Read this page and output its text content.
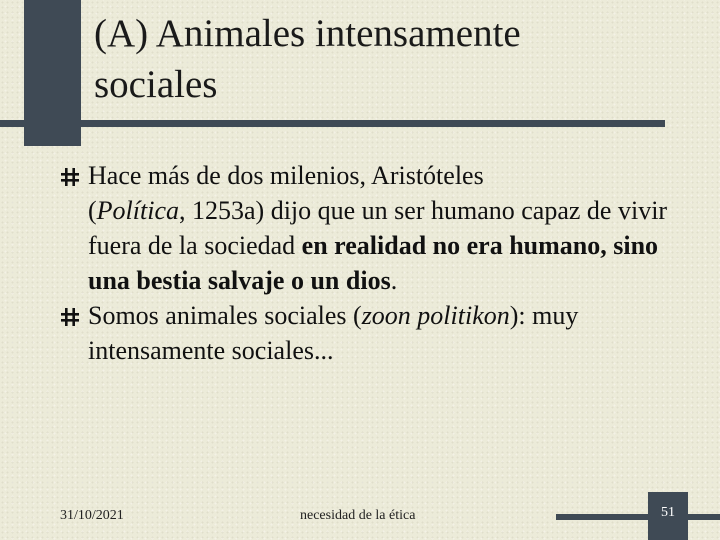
(A) Animales intensamente
sociales
Hace más de dos milenios, Aristóteles
(Política, 1253a) dijo que un ser humano capaz de vivir fuera de la sociedad en realidad no era humano, sino una bestia salvaje o un dios.
Somos animales sociales (zoon politikon): muy intensamente sociales...
31/10/2021	necesidad de la ética	51
